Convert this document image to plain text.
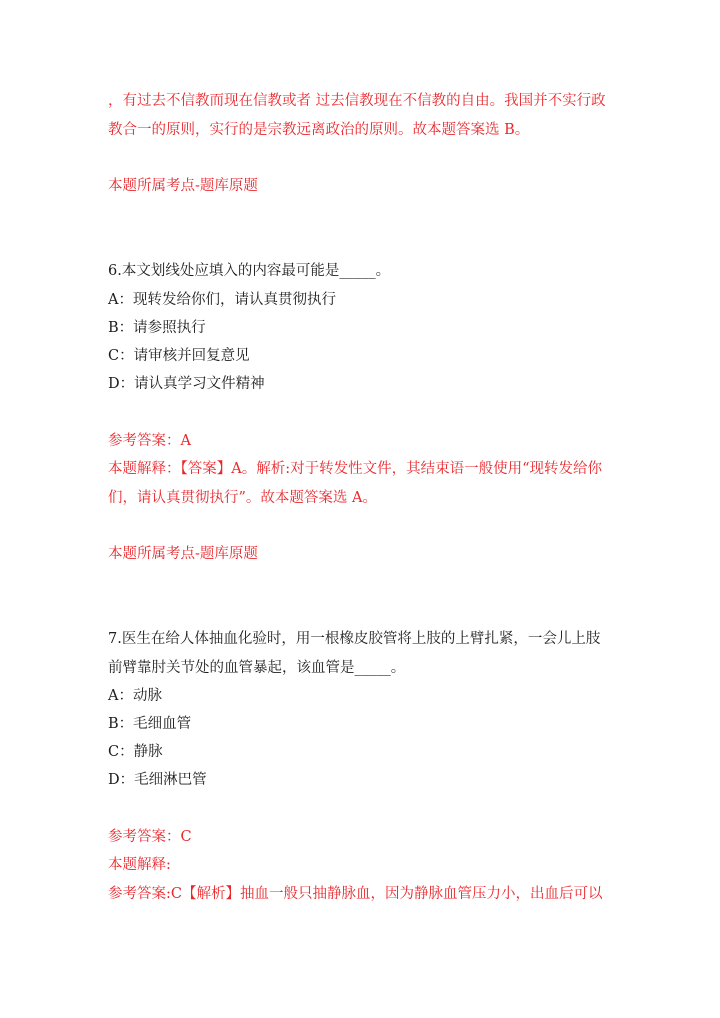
，有过去不信教而现在信教或者 过去信教现在不信教的自由。我国并不实行政
教合一的原则，实行的是宗教远离政治的原则。故本题答案选 B。
本题所属考点-题库原题
6.本文划线处应填入的内容最可能是_____。
A：现转发给你们，请认真贯彻执行
B：请参照执行
C：请审核并回复意见
D：请认真学习文件精神
参考答案：A
本题解释：【答案】A。解析:对于转发性文件，其结束语一般使用“现转发给你
们，请认真贯彻执行”。故本题答案选 A。
本题所属考点-题库原题
7.医生在给人体抽血化验时，用一根橡皮胶管将上肢的上臂扎紧，一会儿上肢
前臂靠肘关节处的血管暴起，该血管是_____。
A：动脉
B：毛细血管
C：静脉
D：毛细淋巴管
参考答案：C
本题解释:
参考答案:C【解析】抽血一般只抽静脉血，因为静脉血管压力小，出血后可以
